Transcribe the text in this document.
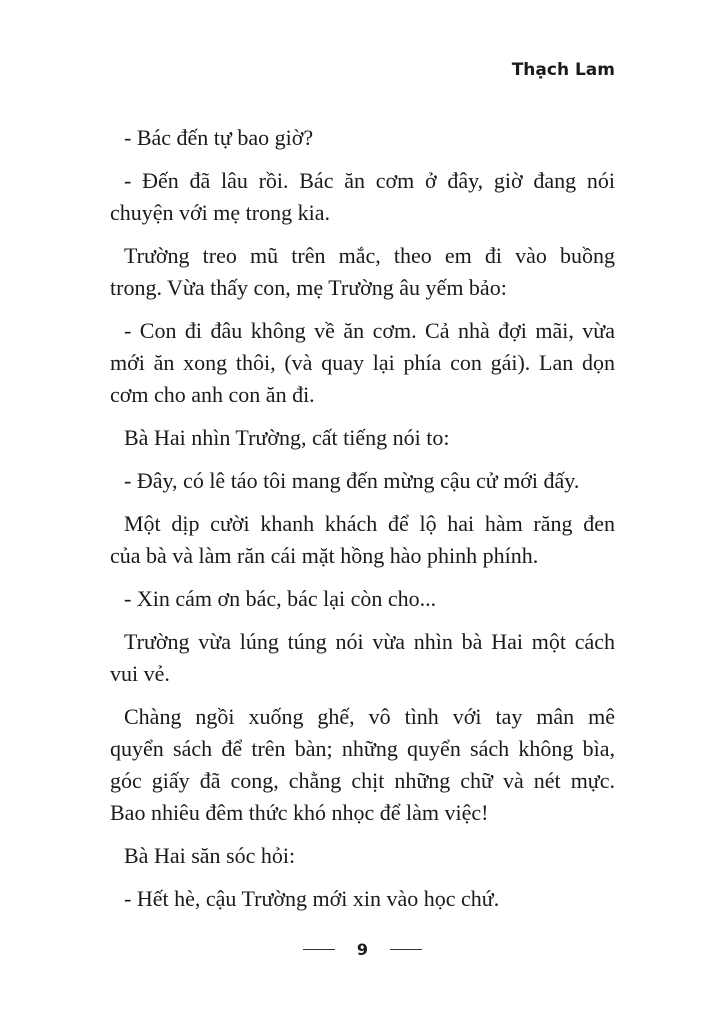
Thạch Lam

- Bác đến tự bao giờ?

- Đến đã lâu rồi. Bác ăn cơm ở đây, giờ đang nói
chuyện với mẹ trong kia.

Trường treo mũ trên mắc, theo em đi vào buồng
trong. Vừa thấy con, mẹ Trường âu yếm bảo:

- Con đi đâu không về ăn cơm. Cả nhà đợi mãi, vừa
mới ăn xong thôi, (và quay lại phía con gái). Lan dọn
cơm cho anh con ăn đi.

Bà Hai nhìn Trường, cất tiếng nói to:

- Đây, có lê táo tôi mang đến mừng cậu cử mới đấy.

Một dịp cười khanh khách để lộ hai hàm răng đen
của bà và làm răn cái mặt hồng hào phinh phính.

- Xin cám ơn bác, bác lại còn cho...

Trường vừa lúng túng nói vừa nhìn bà Hai một cách
vui vẻ.

Chàng ngồi xuống ghế, vô tình với tay mân mê
quyển sách để trên bàn; những quyển sách không bìa,
góc giấy đã cong, chằng chịt những chữ và nét mực.
Bao nhiêu đêm thức khó nhọc để làm việc!

Bà Hai săn sóc hỏi:

- Hết hè, cậu Trường mới xin vào học chứ.

9
